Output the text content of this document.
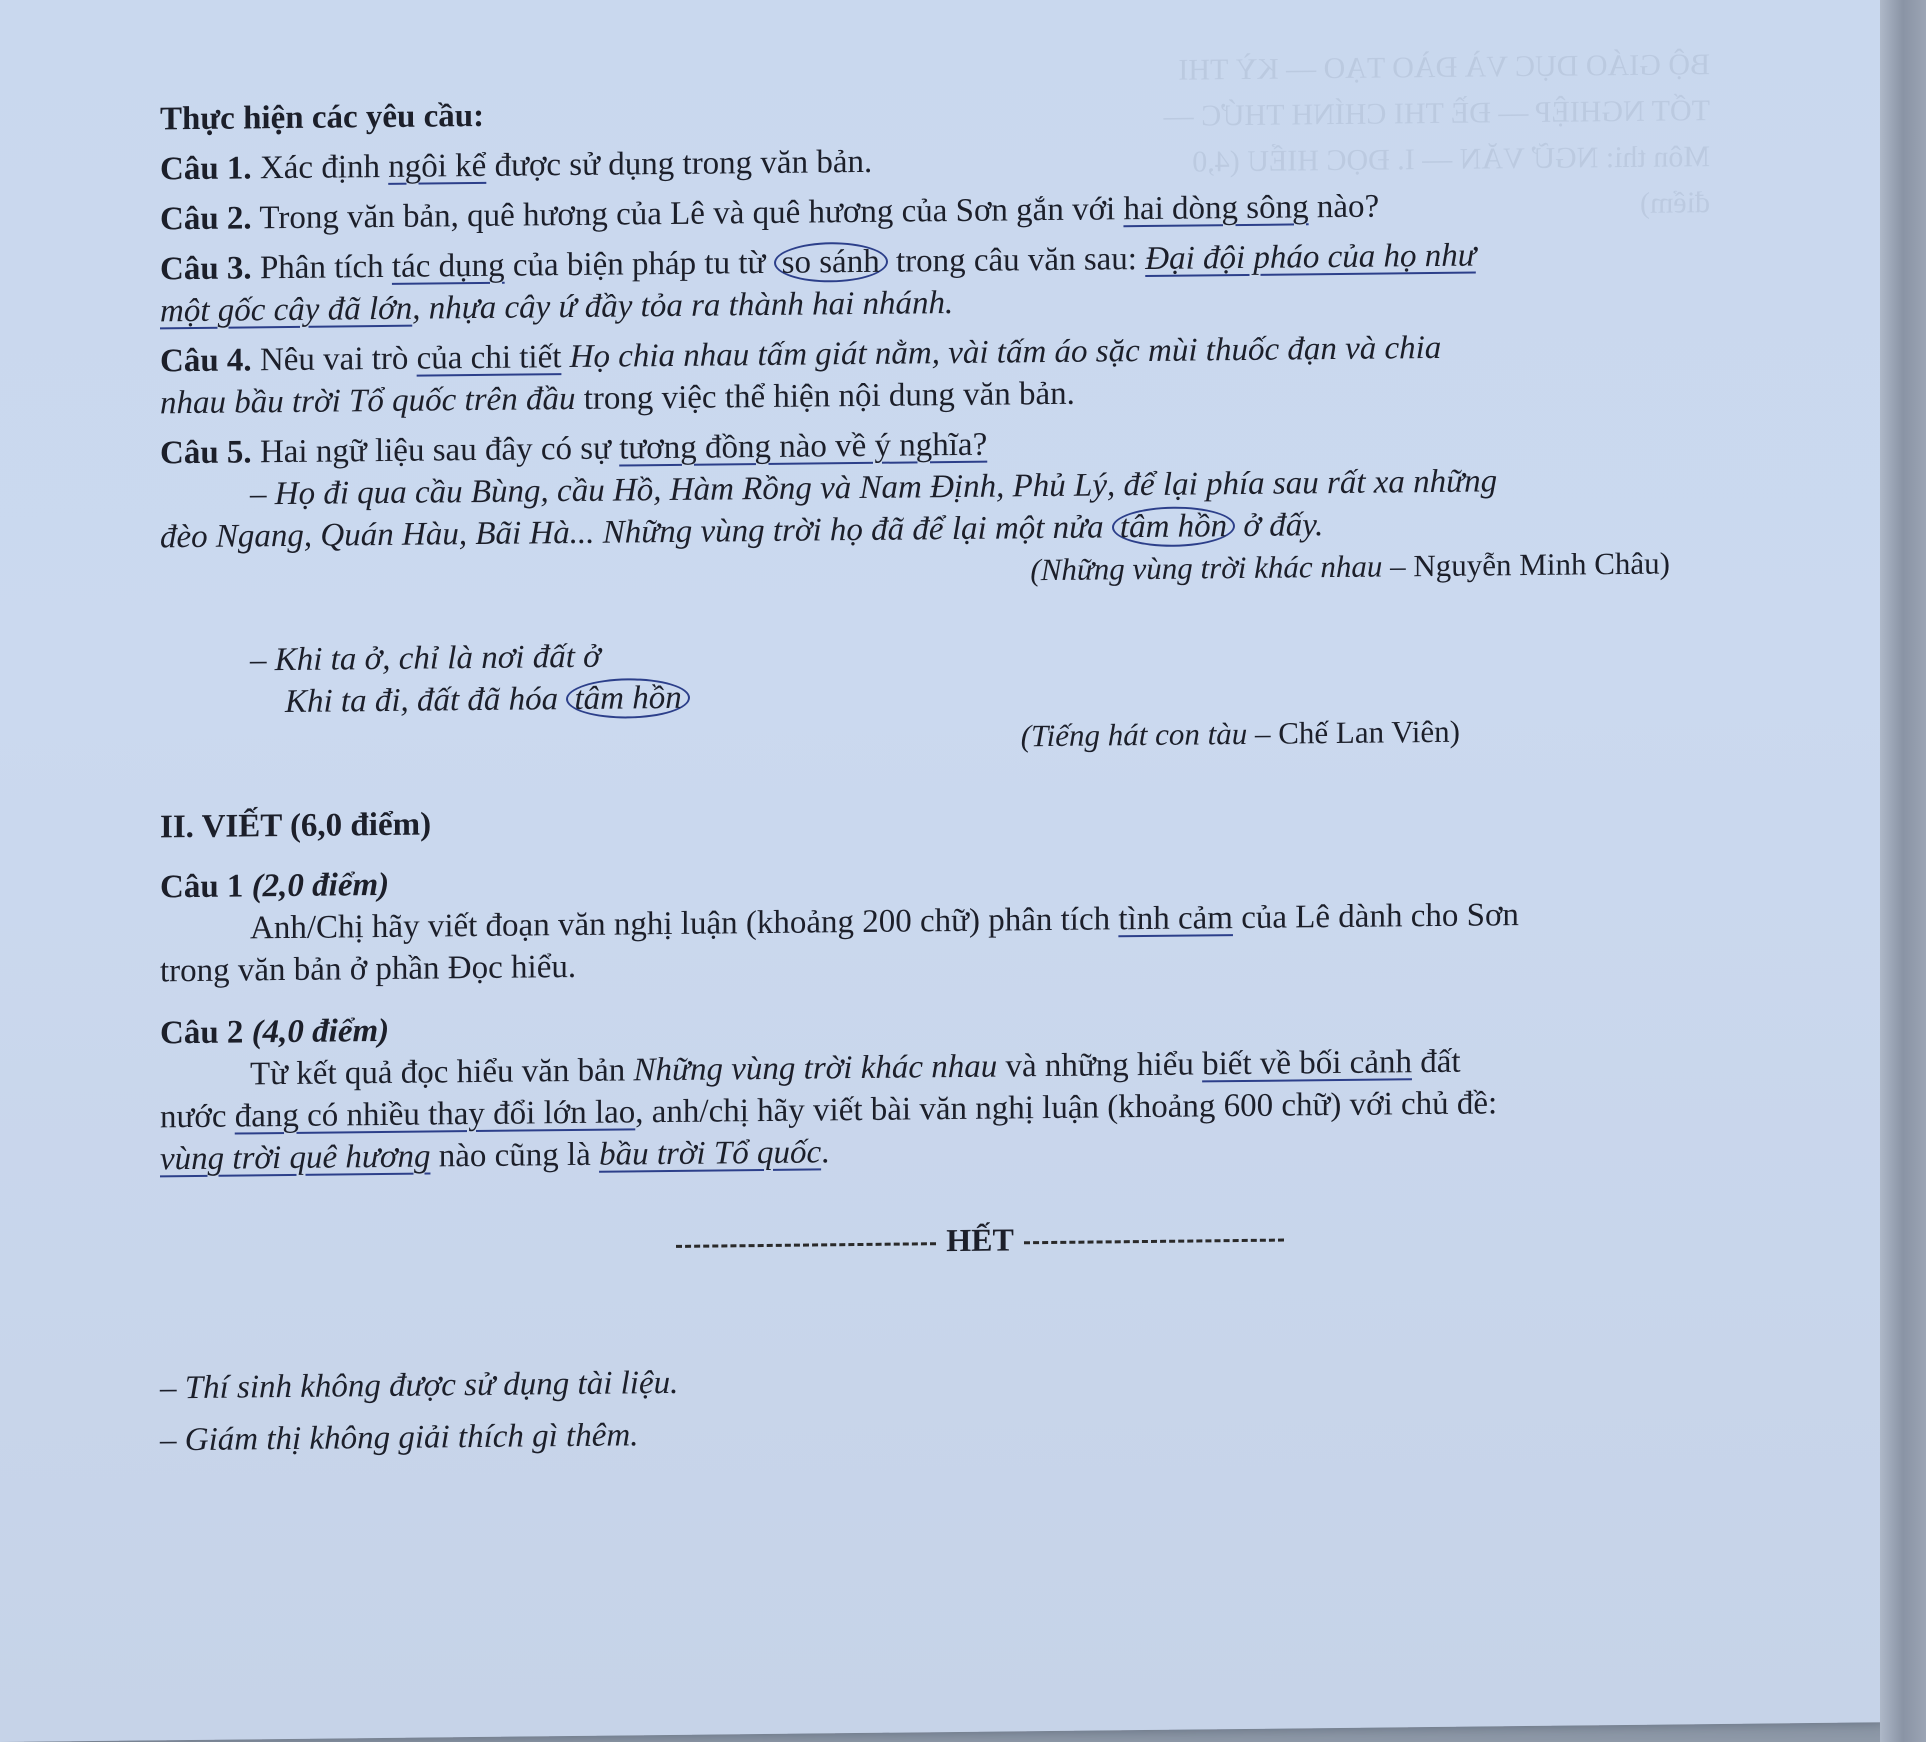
BỘ GIÁO DỤC VÀ ĐÀO TẠO — KỲ THI TỐT NGHIỆP — ĐỀ THI CHÍNH THỨC — Môn thi: NGỮ VĂN — I. ĐỌC HIỂU (4,0 điểm)
Thực hiện các yêu cầu:
Câu 1. Xác định ngôi kể được sử dụng trong văn bản.
Câu 2. Trong văn bản, quê hương của Lê và quê hương của Sơn gắn với hai dòng sông nào?
Câu 3. Phân tích tác dụng của biện pháp tu từ so sánh trong câu văn sau: Đại đội pháo của họ như
một gốc cây đã lớn, nhựa cây ứ đầy tỏa ra thành hai nhánh.
Câu 4. Nêu vai trò của chi tiết Họ chia nhau tấm giát nằm, vài tấm áo sặc mùi thuốc đạn và chia
nhau bầu trời Tổ quốc trên đầu trong việc thể hiện nội dung văn bản.
Câu 5. Hai ngữ liệu sau đây có sự tương đồng nào về ý nghĩa?
– Họ đi qua cầu Bùng, cầu Hồ, Hàm Rồng và Nam Định, Phủ Lý, để lại phía sau rất xa những
đèo Ngang, Quán Hàu, Bãi Hà... Những vùng trời họ đã để lại một nửa tâm hồn ở đấy.
(Những vùng trời khác nhau – Nguyễn Minh Châu)
– Khi ta ở, chỉ là nơi đất ở
Khi ta đi, đất đã hóa tâm hồn
(Tiếng hát con tàu – Chế Lan Viên)
II. VIẾT (6,0 điểm)
Câu 1 (2,0 điểm)
Anh/Chị hãy viết đoạn văn nghị luận (khoảng 200 chữ) phân tích tình cảm của Lê dành cho Sơn
trong văn bản ở phần Đọc hiểu.
Câu 2 (4,0 điểm)
Từ kết quả đọc hiểu văn bản Những vùng trời khác nhau và những hiểu biết về bối cảnh đất
nước đang có nhiều thay đổi lớn lao, anh/chị hãy viết bài văn nghị luận (khoảng 600 chữ) với chủ đề:
vùng trời quê hương nào cũng là bầu trời Tổ quốc.
HẾT
– Thí sinh không được sử dụng tài liệu.
– Giám thị không giải thích gì thêm.
